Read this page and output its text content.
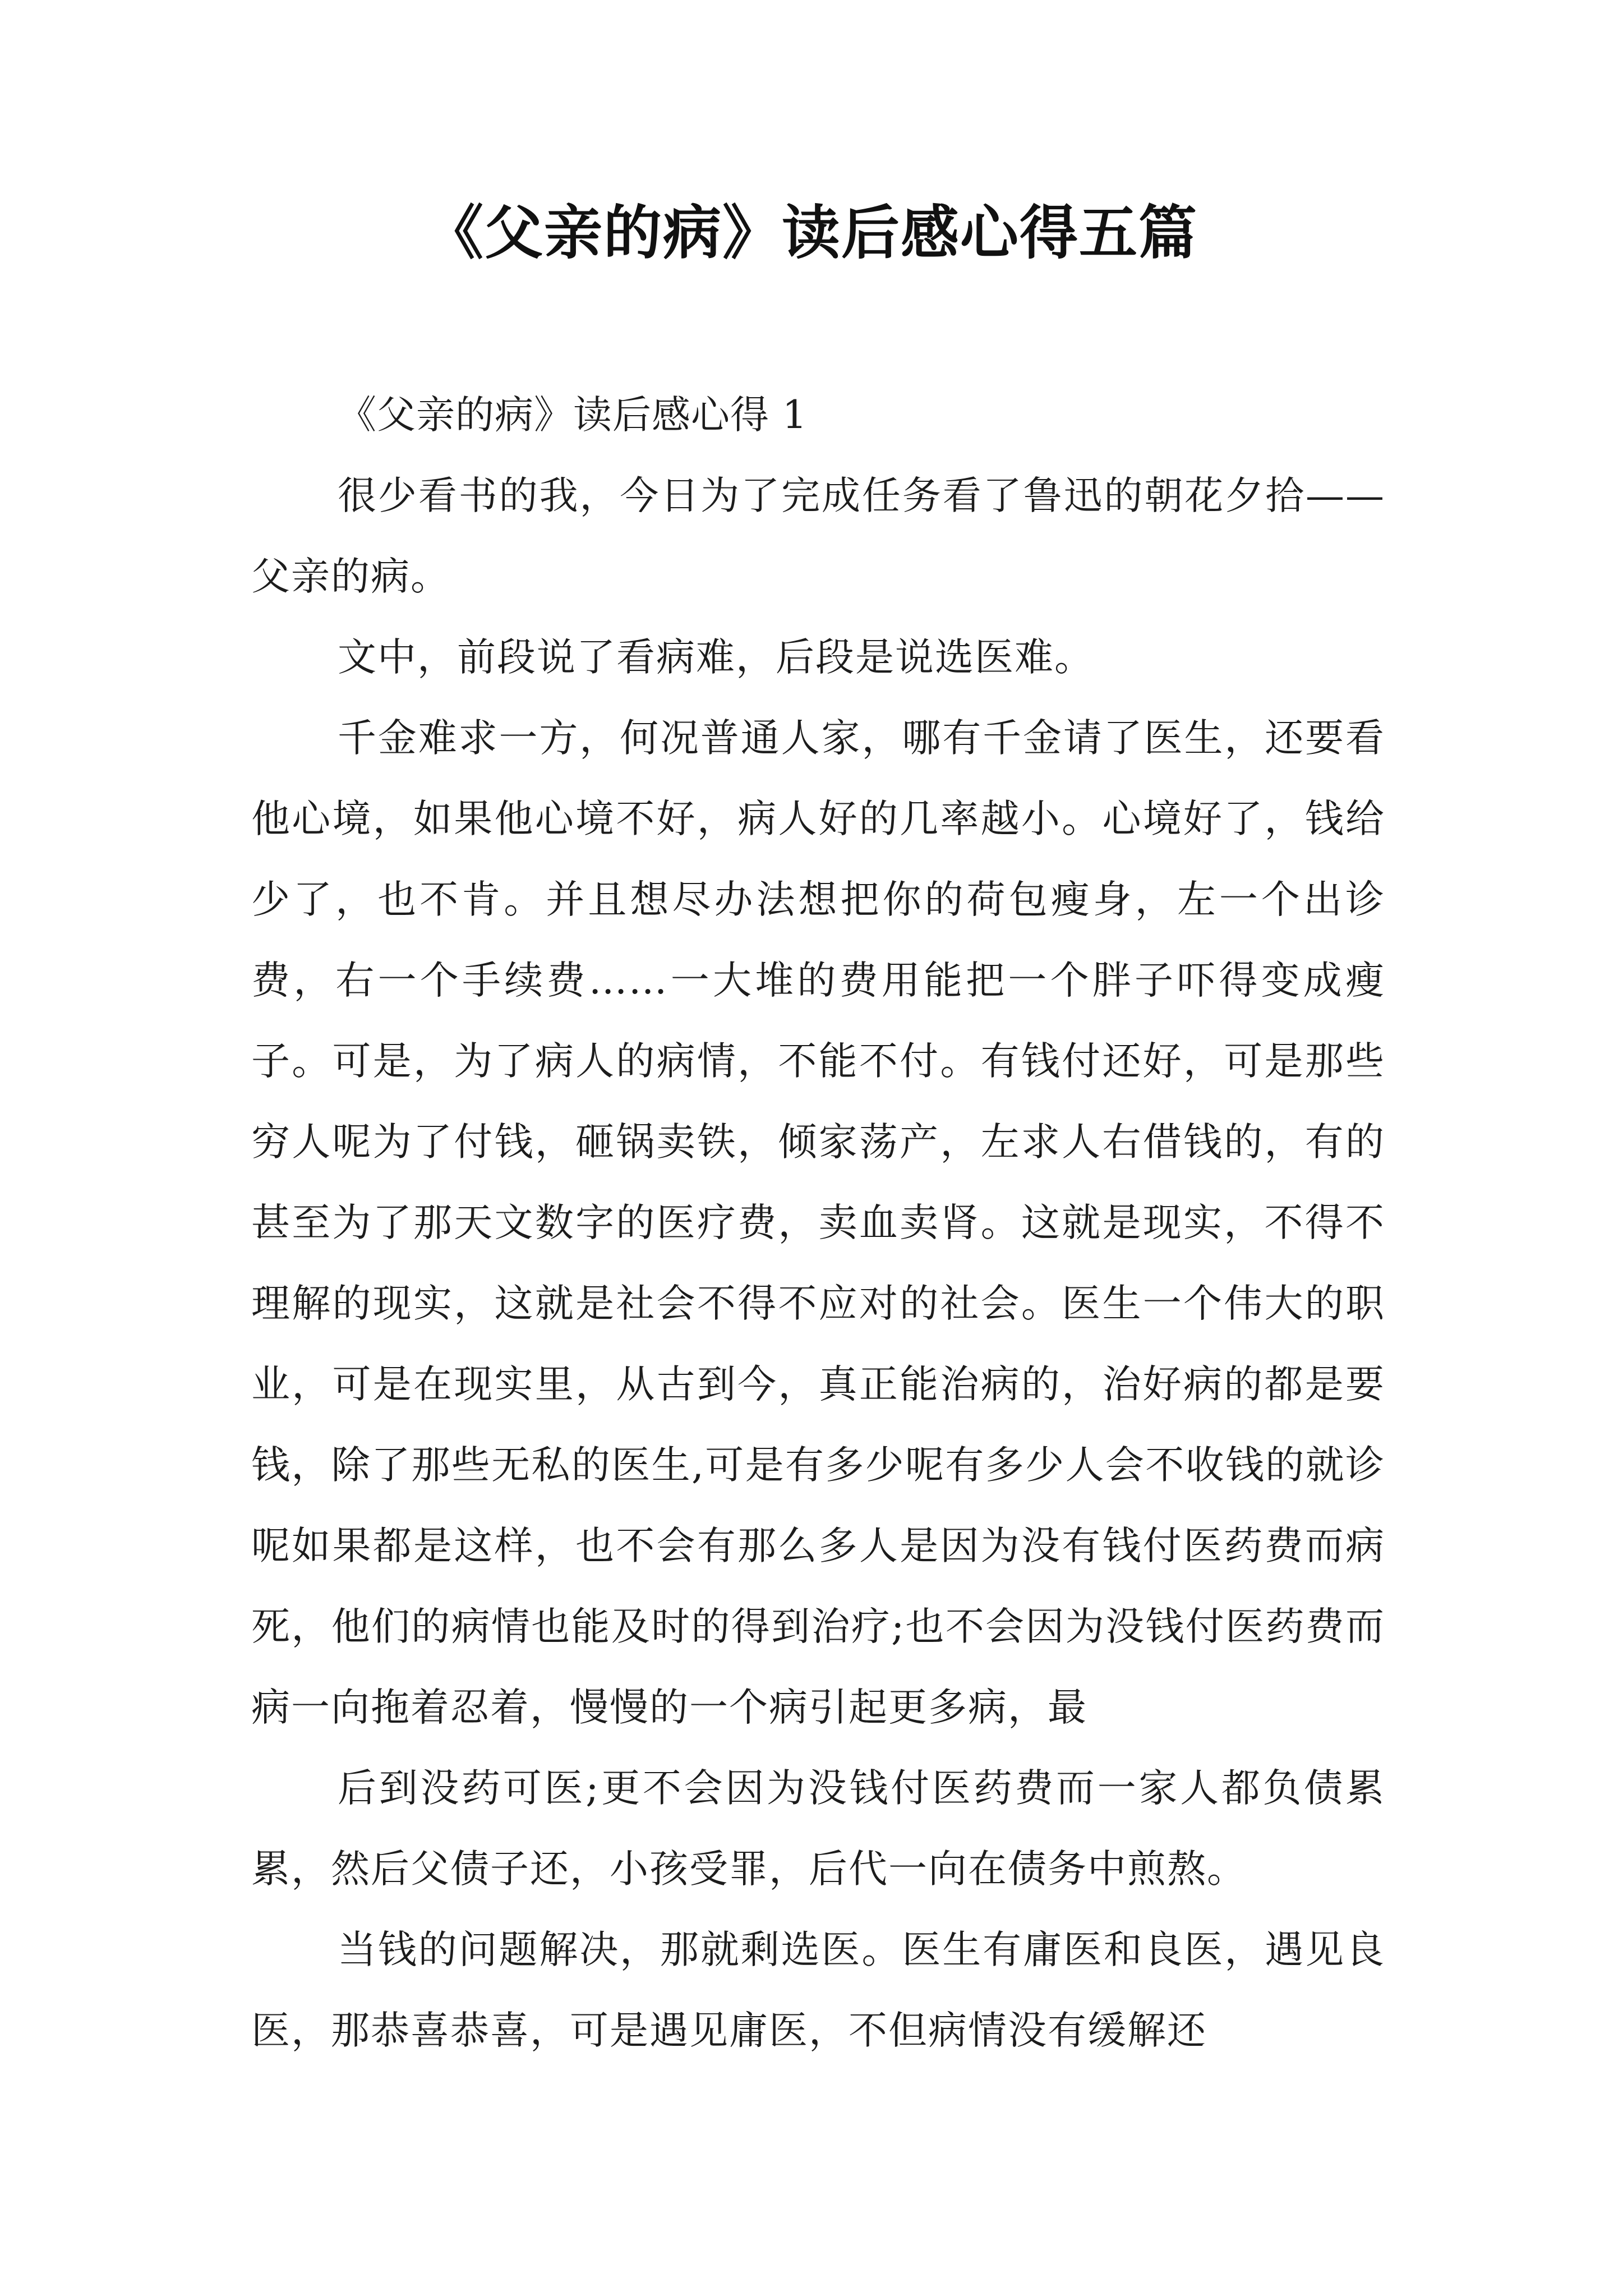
《父亲的病》读后感心得五篇

《父亲的病》读后感心得 1

很少看书的我，今日为了完成任务看了鲁迅的朝花夕拾——父亲的病。

文中，前段说了看病难，后段是说选医难。

千金难求一方，何况普通人家，哪有千金请了医生，还要看他心境，如果他心境不好，病人好的几率越小。心境好了，钱给少了，也不肯。并且想尽办法想把你的荷包瘦身，左一个出诊费，右一个手续费……一大堆的费用能把一个胖子吓得变成瘦子。可是，为了病人的病情，不能不付。有钱付还好，可是那些穷人呢为了付钱，砸锅卖铁，倾家荡产，左求人右借钱的，有的甚至为了那天文数字的医疗费，卖血卖肾。这就是现实，不得不理解的现实，这就是社会不得不应对的社会。医生一个伟大的职业，可是在现实里，从古到今，真正能治病的，治好病的都是要钱，除了那些无私的医生,可是有多少呢有多少人会不收钱的就诊呢如果都是这样，也不会有那么多人是因为没有钱付医药费而病死，他们的病情也能及时的得到治疗;也不会因为没钱付医药费而病一向拖着忍着，慢慢的一个病引起更多病，最

后到没药可医;更不会因为没钱付医药费而一家人都负债累累，然后父债子还，小孩受罪，后代一向在债务中煎熬。

当钱的问题解决，那就剩选医。医生有庸医和良医，遇见良医，那恭喜恭喜，可是遇见庸医，不但病情没有缓解还
